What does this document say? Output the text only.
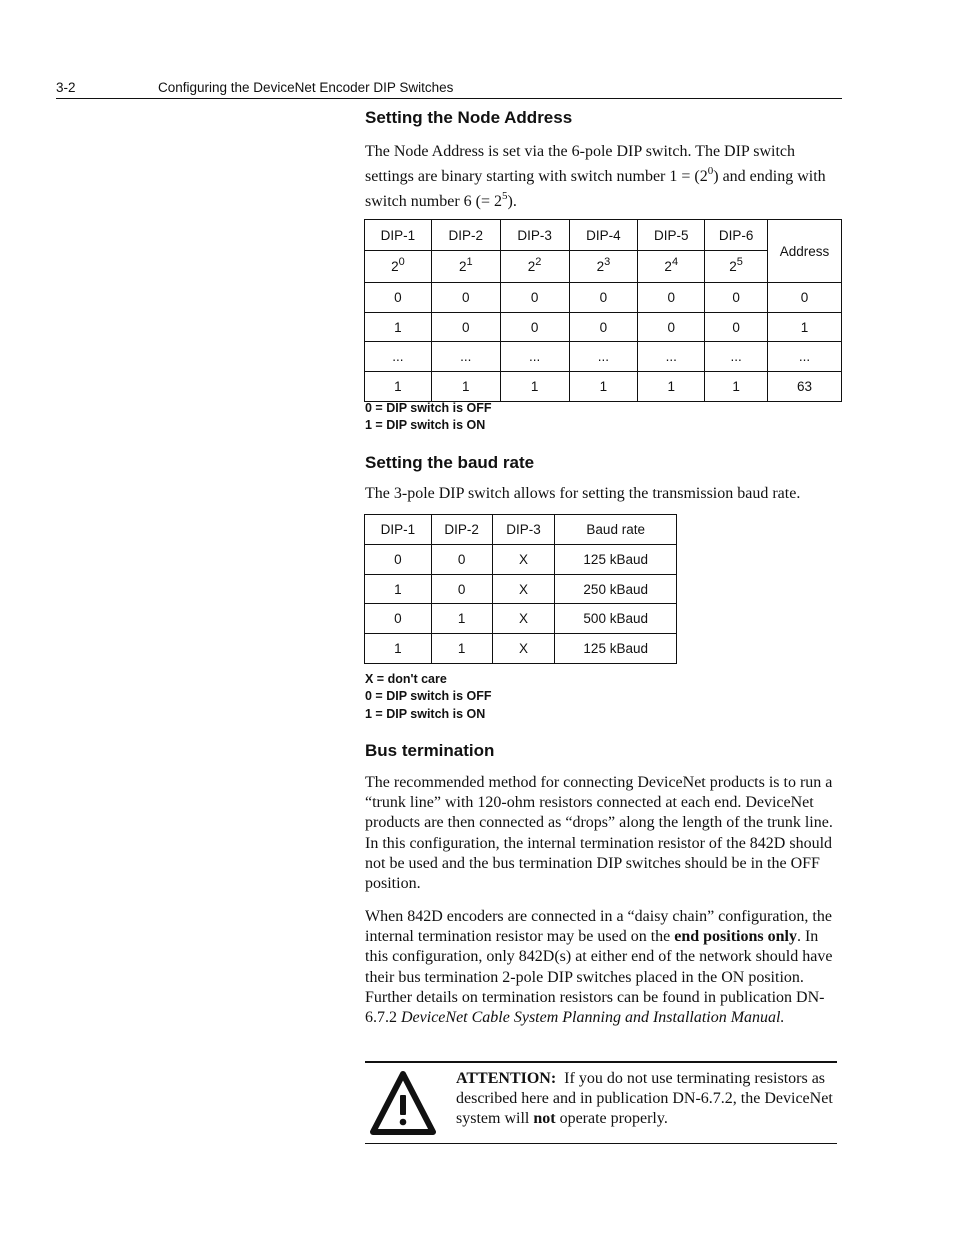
3-2	Configuring the DeviceNet Encoder DIP Switches
Setting the Node Address

The Node Address is set via the 6-pole DIP switch. The DIP switch settings are binary starting with switch number $1 = (2^0)$ and ending with switch number 6 (= $2^5$).

DIP-1	DIP-2	DIP-3	DIP-4	DIP-5	DIP-6	Address
$2^0$	$2^1$	$2^2$	$2^3$	$2^4$	$2^5$
0	0	0	0	0	0	0
1	0	0	0	0	0	1
...	...	...	...	...	...	...
1	1	1	1	1	1	63
0 = DIP switch is OFF
1 = DIP switch is ON
Setting the baud rate

The 3-pole DIP switch allows for setting the transmission baud rate.

DIP-1	DIP-2	DIP-3	Baud rate
0	0	X	125 kBaud
1	0	X	250 kBaud
0	1	X	500 kBaud
1	1	X	125 kBaud
X = don't care
0 = DIP switch is OFF
1 = DIP switch is ON
Bus termination

The recommended method for connecting DeviceNet products is to run a “trunk line” with 120-ohm resistors connected at each end. DeviceNet products are then connected as “drops” along the length of the trunk line. In this configuration, the internal termination resistor of the 842D should not be used and the bus termination DIP switches should be in the OFF position.

When 842D encoders are connected in a “daisy chain” configuration, the internal termination resistor may be used on the end positions only. In this configuration, only 842D(s) at either end of the network should have their bus termination 2-pole DIP switches placed in the ON position. Further details on termination resistors can be found in publication DN-6.7.2 DeviceNet Cable System Planning and Installation Manual.

ATTENTION: If you do not use terminating resistors as described here and in publication DN-6.7.2, the DeviceNet system will not operate properly.
